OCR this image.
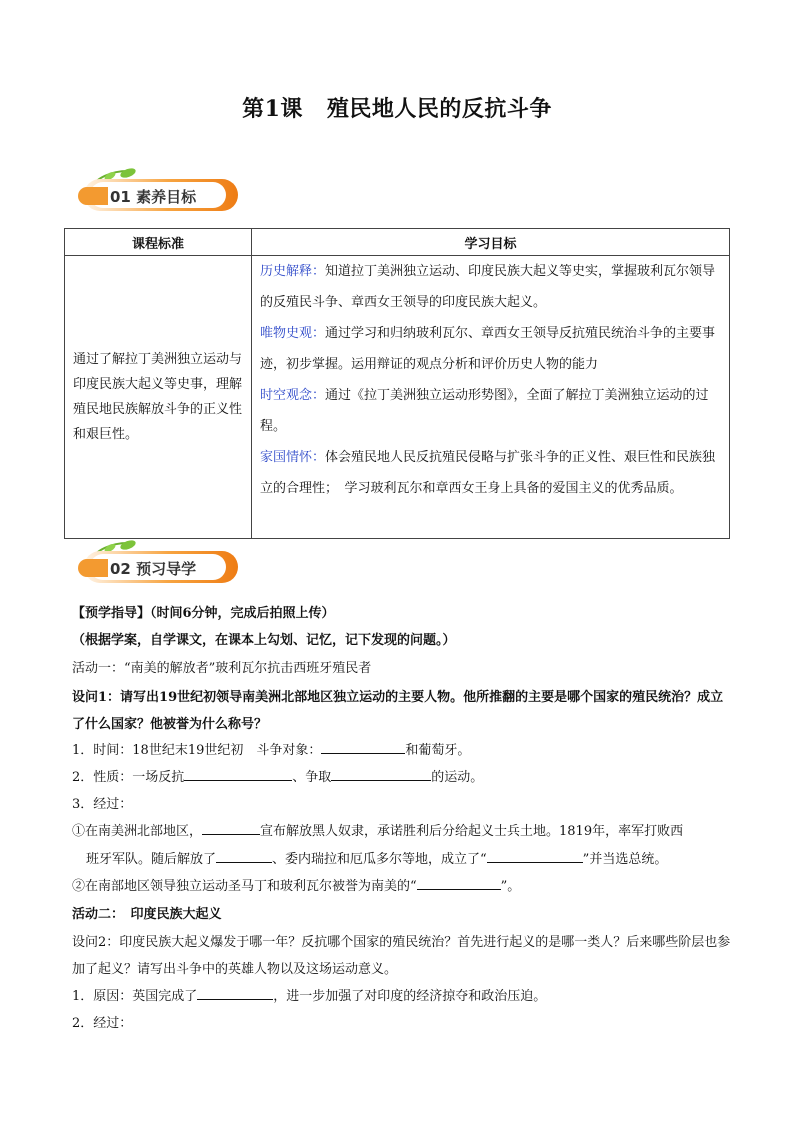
第1课 殖民地人民的反抗斗争
01 素养目标
课程标准	学习目标
通过了解拉丁美洲独立运动与印度民族大起义等史事，理解殖民地民族解放斗争的正义性和艰巨性。	历史解释：知道拉丁美洲独立运动、印度民族大起义等史实，掌握玻利瓦尔领导的反殖民斗争、章西女王领导的印度民族大起义。
唯物史观：通过学习和归纳玻利瓦尔、章西女王领导反抗殖民统治斗争的主要事迹，初步掌握。运用辩证的观点分析和评价历史人物的能力
时空观念：通过《拉丁美洲独立运动形势图》，全面了解拉丁美洲独立运动的过程。
家国情怀：体会殖民地人民反抗殖民侵略与扩张斗争的正义性、艰巨性和民族独立的合理性；　学习玻利瓦尔和章西女王身上具备的爱国主义的优秀品质。
02 预习导学
【预学指导】（时间6分钟，完成后拍照上传）
（根据学案，自学课文，在课本上勾划、记忆，记下发现的问题。）
活动一：“南美的解放者”玻利瓦尔抗击西班牙殖民者
设问1：请写出19世纪初领导南美洲北部地区独立运动的主要人物。他所推翻的主要是哪个国家的殖民统治？成立了什么国家？他被誉为什么称号？
1．时间：18世纪末19世纪初　斗争对象：	和葡萄牙。
2．性质：一场反抗	、争取	的运动。
3．经过：
①在南美洲北部地区，	宣布解放黑人奴隶，承诺胜利后分给起义士兵土地。1819年，率军打败西
班牙军队。随后解放了	、委内瑞拉和厄瓜多尔等地，成立了“	”并当选总统。
②在南部地区领导独立运动圣马丁和玻利瓦尔被誉为南美的“	”。
活动二：　印度民族大起义
设问2：印度民族大起义爆发于哪一年？反抗哪个国家的殖民统治？首先进行起义的是哪一类人？后来哪些阶层也参加了起义？请写出斗争中的英雄人物以及这场运动意义。
1．原因：英国完成了	，进一步加强了对印度的经济掠夺和政治压迫。
2．经过：
